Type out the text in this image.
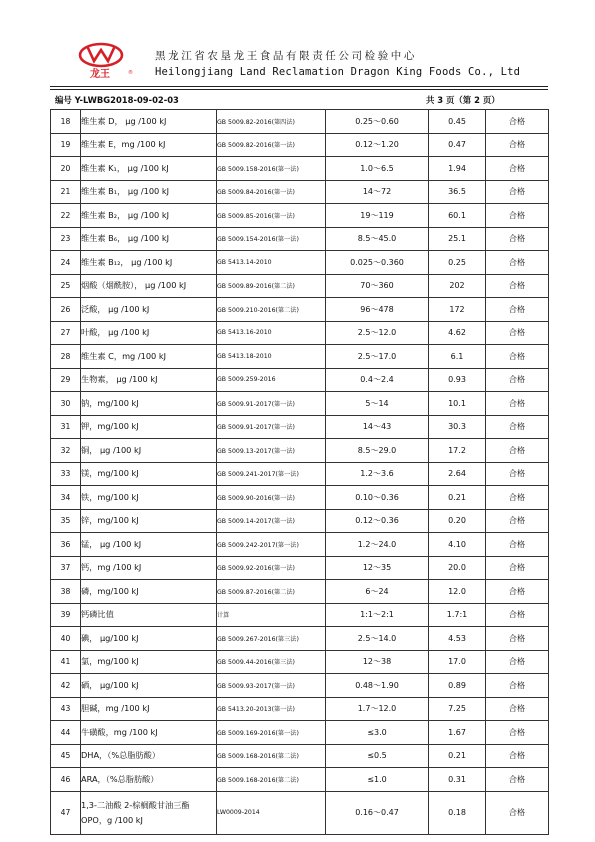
龙王	®
黑龙江省农垦龙王食品有限责任公司检验中心
Heilongjiang Land Reclamation Dragon King Foods Co., Ltd
编号 Y-LWBG2018-09-02-03	共 3 页（第 2 页）
18	维生素 D， μg /100 kJ	GB 5009.82-2016(第四法)	0.25～0.60	0.45	合格
19	维生素 E，mg /100 kJ	GB 5009.82-2016(第一法)	0.12～1.20	0.47	合格
20	维生素 K₁， μg /100 kJ	GB 5009.158-2016(第一法)	1.0～6.5	1.94	合格
21	维生素 B₁， μg /100 kJ	GB 5009.84-2016(第一法)	14～72	36.5	合格
22	维生素 B₂， μg /100 kJ	GB 5009.85-2016(第一法)	19～119	60.1	合格
23	维生素 B₆， μg /100 kJ	GB 5009.154-2016(第一法)	8.5～45.0	25.1	合格
24	维生素 B₁₂， μg /100 kJ	GB 5413.14-2010	0.025～0.360	0.25	合格
25	烟酸（烟酰胺）， μg /100 kJ	GB 5009.89-2016(第二法)	70～360	202	合格
26	泛酸， μg /100 kJ	GB 5009.210-2016(第二法)	96～478	172	合格
27	叶酸， μg /100 kJ	GB 5413.16-2010	2.5～12.0	4.62	合格
28	维生素 C，mg /100 kJ	GB 5413.18-2010	2.5～17.0	6.1	合格
29	生物素， μg /100 kJ	GB 5009.259-2016	0.4～2.4	0.93	合格
30	钠，mg/100 kJ	GB 5009.91-2017(第一法)	5～14	10.1	合格
31	钾，mg/100 kJ	GB 5009.91-2017(第一法)	14～43	30.3	合格
32	铜， μg /100 kJ	GB 5009.13-2017(第一法)	8.5～29.0	17.2	合格
33	镁，mg/100 kJ	GB 5009.241-2017(第一法)	1.2～3.6	2.64	合格
34	铁，mg/100 kJ	GB 5009.90-2016(第一法)	0.10～0.36	0.21	合格
35	锌，mg/100 kJ	GB 5009.14-2017(第一法)	0.12～0.36	0.20	合格
36	锰， μg /100 kJ	GB 5009.242-2017(第一法)	1.2～24.0	4.10	合格
37	钙，mg /100 kJ	GB 5009.92-2016(第一法)	12～35	20.0	合格
38	磷，mg/100 kJ	GB 5009.87-2016(第二法)	6～24	12.0	合格
39	钙磷比值	计算	1:1～2:1	1.7:1	合格
40	碘， μg/100 kJ	GB 5009.267-2016(第三法)	2.5～14.0	4.53	合格
41	氯，mg/100 kJ	GB 5009.44-2016(第三法)	12～38	17.0	合格
42	硒， μg/100 kJ	GB 5009.93-2017(第一法)	0.48～1.90	0.89	合格
43	胆碱，mg /100 kJ	GB 5413.20-2013(第一法)	1.7～12.0	7.25	合格
44	牛磺酸，mg /100 kJ	GB 5009.169-2016(第一法)	≤3.0	1.67	合格
45	DHA，（%总脂肪酸）	GB 5009.168-2016(第二法)	≤0.5	0.21	合格
46	ARA，（%总脂肪酸）	GB 5009.168-2016(第二法)	≤1.0	0.31	合格
47	1,3-二油酸 2-棕榈酸甘油三酯 OPO，g /100 kJ	LW0009-2014	0.16～0.47	0.18	合格
